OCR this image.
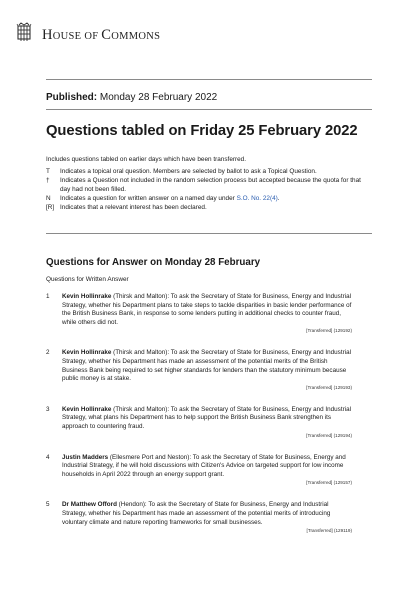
HOUSE OF COMMONS
Published: Monday 28 February 2022
Questions tabled on Friday 25 February 2022

Includes questions tabled on earlier days which have been transferred.

T	Indicates a topical oral question. Members are selected by ballot to ask a Topical Question.
†	Indicates a Question not included in the random selection process but accepted because the quota for that day had not been filled.
N	Indicates a question for written answer on a named day under S.O. No. 22(4).
[R] Indicates that a relevant interest has been declared.
Questions for Answer on Monday 28 February

Questions for Written Answer

1 Kevin Hollinrake (Thirsk and Malton): To ask the Secretary of State for Business, Energy and Industrial Strategy, whether his Department plans to take steps to tackle disparities in basic lender performance of the British Business Bank, in response to some lenders putting in additional checks to counter fraud, while others did not.
[Transferred] (129192)
2 Kevin Hollinrake (Thirsk and Malton): To ask the Secretary of State for Business, Energy and Industrial Strategy, whether his Department has made an assessment of the potential merits of the British Business Bank being required to set higher standards for lenders than the statutory minimum because public money is at stake.
[Transferred] (129193)
3 Kevin Hollinrake (Thirsk and Malton): To ask the Secretary of State for Business, Energy and Industrial Strategy, what plans his Department has to help support the British Business Bank strengthen its approach to countering fraud.
[Transferred] (129194)
4 Justin Madders (Ellesmere Port and Neston): To ask the Secretary of State for Business, Energy and Industrial Strategy, if he will hold discussions with Citizen's Advice on targeted support for low income households in April 2022 through an energy support grant.
[Transferred] (129157)
5 Dr Matthew Offord (Hendon): To ask the Secretary of State for Business, Energy and Industrial Strategy, whether his Department has made an assessment of the potential merits of introducing voluntary climate and nature reporting frameworks for small businesses.
[Transferred] (129119)
